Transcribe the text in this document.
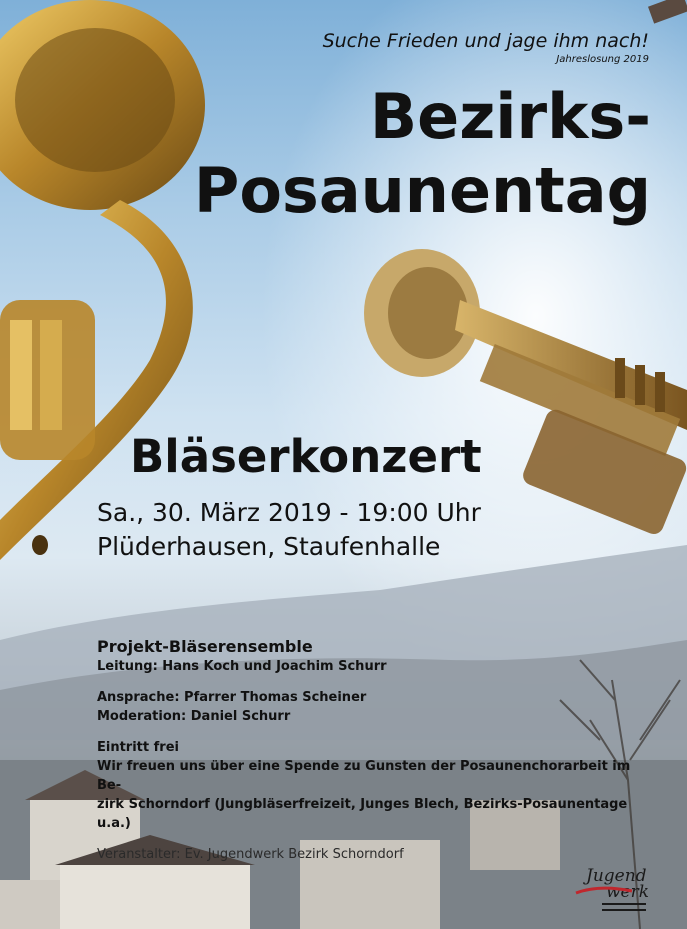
Suche Frieden und jage ihm nach!
Jahreslosung 2019
Bezirks-
Posaunentag
Bläserkonzert
Sa., 30. März 2019 - 19:00 Uhr
Plüderhausen, Staufenhalle
Projekt-Bläserensemble
Leitung: Hans Koch und Joachim Schurr
Ansprache: Pfarrer Thomas Scheiner
Moderation: Daniel Schurr
Eintritt frei
Wir freuen uns über eine Spende zu Gunsten der Posaunenchorarbeit im Be-
zirk Schorndorf (Jungbläserfreizeit, Junges Blech, Bezirks-Posaunentage u.a.)
Veranstalter: Ev. Jugendwerk Bezirk Schorndorf
Jugend
werk
